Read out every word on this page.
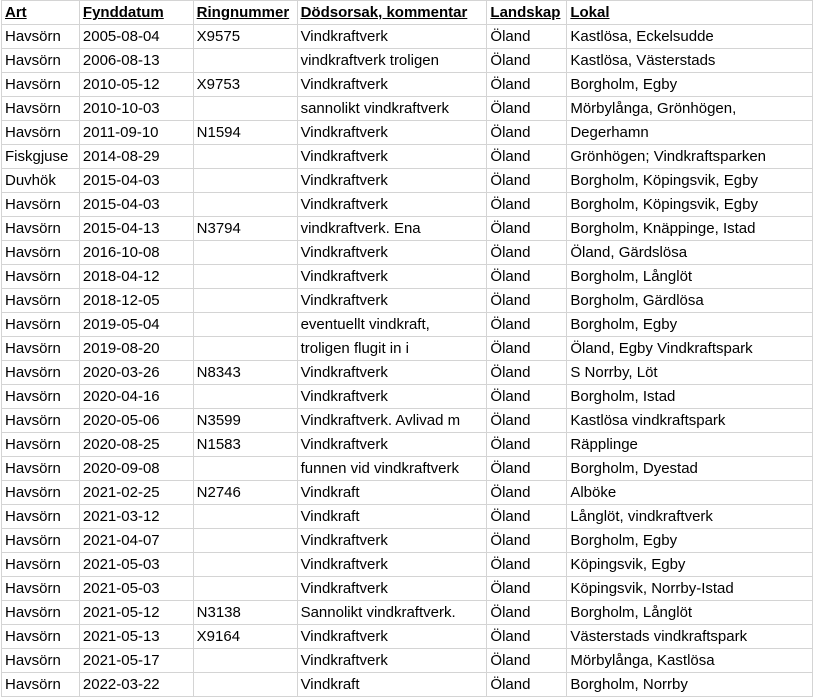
Art	Fynddatum	Ringnummer	Dödsorsak, kommentar	Landskap	Lokal
Havsörn	2005-08-04	X9575	Vindkraftverk	Öland	Kastlösa, Eckelsudde
Havsörn	2006-08-13		vindkraftverk troligen	Öland	Kastlösa, Västerstads
Havsörn	2010-05-12	X9753	Vindkraftverk	Öland	Borgholm, Egby
Havsörn	2010-10-03		sannolikt vindkraftverk	Öland	Mörbylånga, Grönhögen,
Havsörn	2011-09-10	N1594	Vindkraftverk	Öland	Degerhamn
Fiskgjuse	2014-08-29		Vindkraftverk	Öland	Grönhögen; Vindkraftsparken
Duvhök	2015-04-03		Vindkraftverk	Öland	Borgholm, Köpingsvik, Egby
Havsörn	2015-04-03		Vindkraftverk	Öland	Borgholm, Köpingsvik, Egby
Havsörn	2015-04-13	N3794	vindkraftverk. Ena	Öland	Borgholm, Knäppinge, Istad
Havsörn	2016-10-08		Vindkraftverk	Öland	Öland, Gärdslösa
Havsörn	2018-04-12		Vindkraftverk	Öland	Borgholm, Långlöt
Havsörn	2018-12-05		Vindkraftverk	Öland	Borgholm, Gärdlösa
Havsörn	2019-05-04		eventuellt vindkraft,	Öland	Borgholm, Egby
Havsörn	2019-08-20		troligen flugit in i	Öland	Öland, Egby Vindkraftspark
Havsörn	2020-03-26	N8343	Vindkraftverk	Öland	S Norrby, Löt
Havsörn	2020-04-16		Vindkraftverk	Öland	Borgholm, Istad
Havsörn	2020-05-06	N3599	Vindkraftverk. Avlivad m	Öland	Kastlösa vindkraftspark
Havsörn	2020-08-25	N1583	Vindkraftverk	Öland	Räpplinge
Havsörn	2020-09-08		funnen vid vindkraftverk	Öland	Borgholm, Dyestad
Havsörn	2021-02-25	N2746	Vindkraft	Öland	Alböke
Havsörn	2021-03-12		Vindkraft	Öland	Långlöt, vindkraftverk
Havsörn	2021-04-07		Vindkraftverk	Öland	Borgholm, Egby
Havsörn	2021-05-03		Vindkraftverk	Öland	Köpingsvik, Egby
Havsörn	2021-05-03		Vindkraftverk	Öland	Köpingsvik, Norrby-Istad
Havsörn	2021-05-12	N3138	Sannolikt vindkraftverk.	Öland	Borgholm, Långlöt
Havsörn	2021-05-13	X9164	Vindkraftverk	Öland	Västerstads vindkraftspark
Havsörn	2021-05-17		Vindkraftverk	Öland	Mörbylånga, Kastlösa
Havsörn	2022-03-22		Vindkraft	Öland	Borgholm, Norrby
